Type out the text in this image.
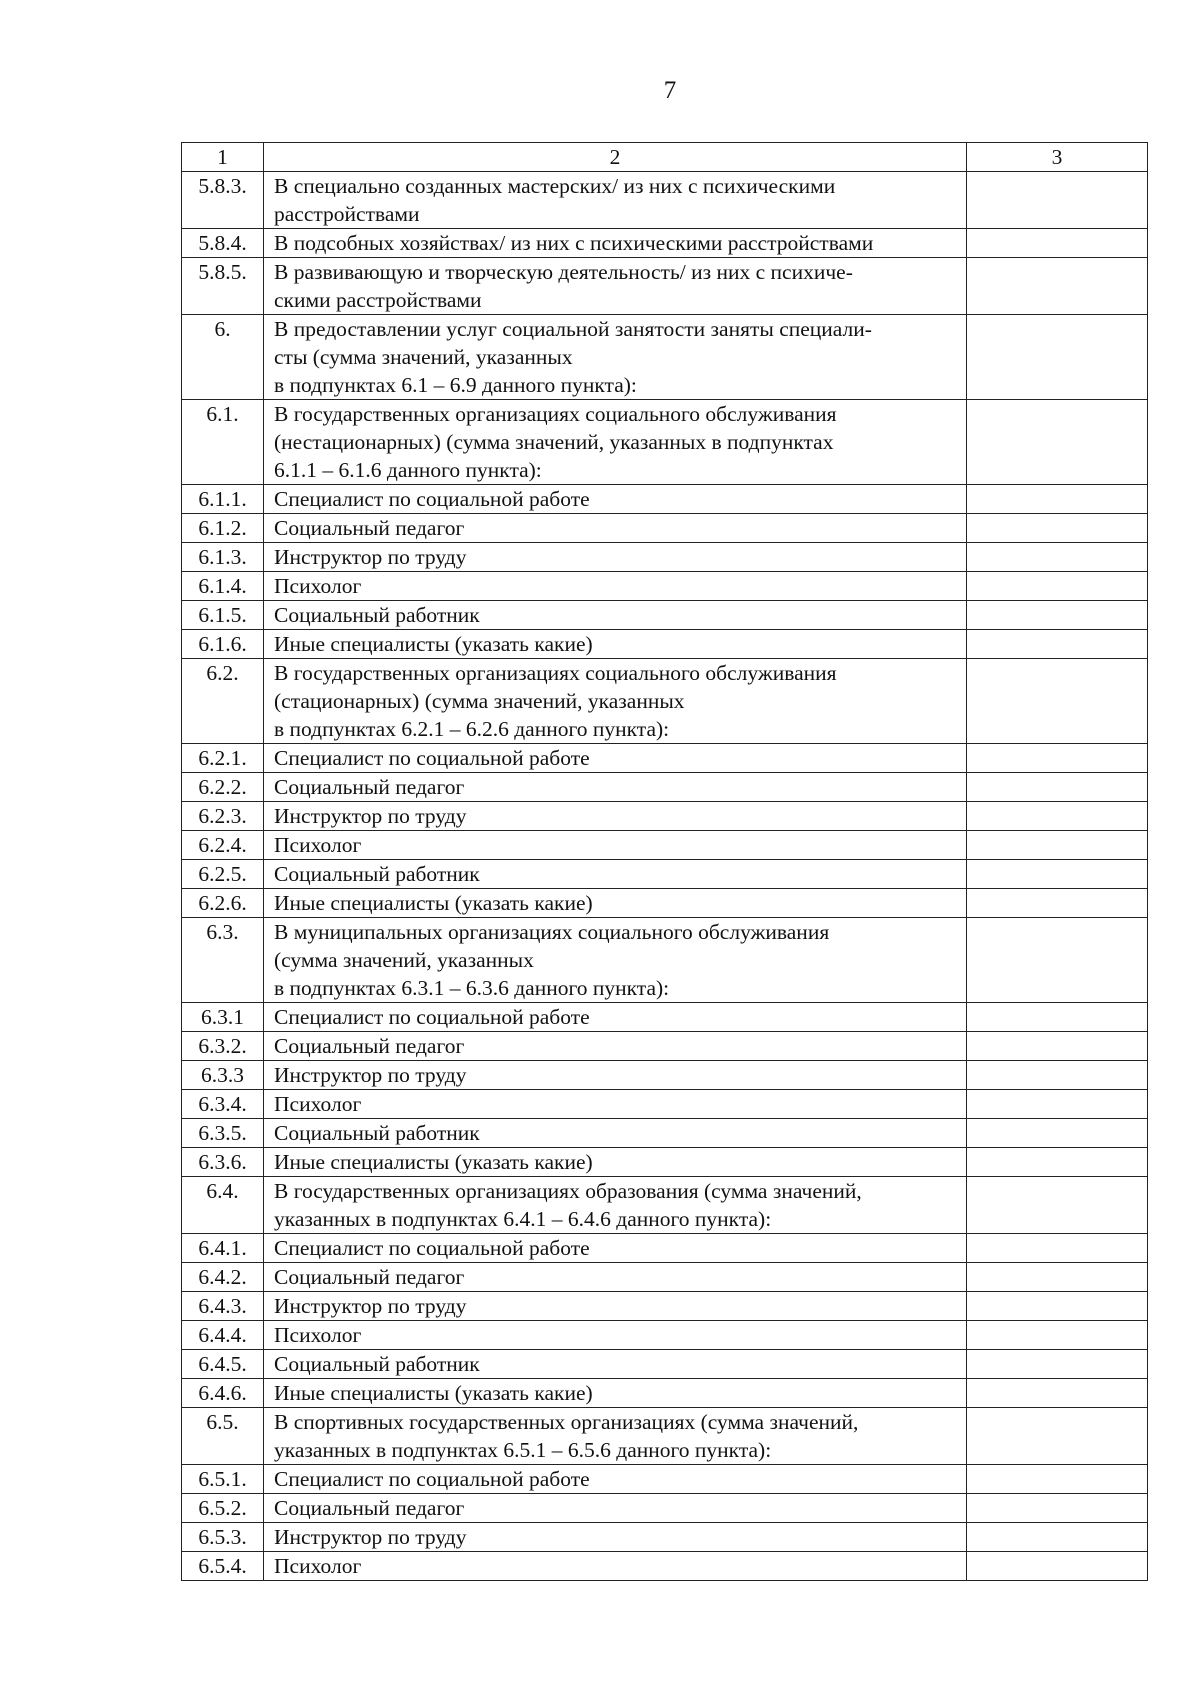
7
1	2	3
5.8.3.	В специально созданных мастерских/ из них с психическими
расстройствами	

5.8.4.	В подсобных хозяйствах/ из них с психическими расстройствами	

5.8.5.	В развивающую и творческую деятельность/ из них с психиче-
скими расстройствами	

6.	В предоставлении услуг социальной занятости заняты специали-
сты (сумма значений, указанных
в подпунктах 6.1 – 6.9 данного пункта):	

6.1.	В государственных организациях социального обслуживания
(нестационарных) (сумма значений, указанных в подпунктах
6.1.1 – 6.1.6 данного пункта):	

6.1.1.	Специалист по социальной работе	

6.1.2.	Социальный педагог	

6.1.3.	Инструктор по труду	

6.1.4.	Психолог	

6.1.5.	Социальный работник	

6.1.6.	Иные специалисты (указать какие)	

6.2.	В государственных организациях социального обслуживания
(стационарных) (сумма значений, указанных
в подпунктах 6.2.1 – 6.2.6 данного пункта):	

6.2.1.	Специалист по социальной работе	

6.2.2.	Социальный педагог	

6.2.3.	Инструктор по труду	

6.2.4.	Психолог	

6.2.5.	Социальный работник	

6.2.6.	Иные специалисты (указать какие)	

6.3.	В муниципальных организациях социального обслуживания
(сумма значений, указанных
в подпунктах 6.3.1 – 6.3.6 данного пункта):	

6.3.1	Специалист по социальной работе	

6.3.2.	Социальный педагог	

6.3.3	Инструктор по труду	

6.3.4.	Психолог	

6.3.5.	Социальный работник	

6.3.6.	Иные специалисты (указать какие)	

6.4.	В государственных организациях образования (сумма значений,
указанных в подпунктах 6.4.1 – 6.4.6 данного пункта):	

6.4.1.	Специалист по социальной работе	

6.4.2.	Социальный педагог	

6.4.3.	Инструктор по труду	

6.4.4.	Психолог	

6.4.5.	Социальный работник	

6.4.6.	Иные специалисты (указать какие)	

6.5.	В спортивных государственных организациях (сумма значений,
указанных в подпунктах 6.5.1 – 6.5.6 данного пункта):	

6.5.1.	Специалист по социальной работе	

6.5.2.	Социальный педагог	

6.5.3.	Инструктор по труду	

6.5.4.	Психолог	
